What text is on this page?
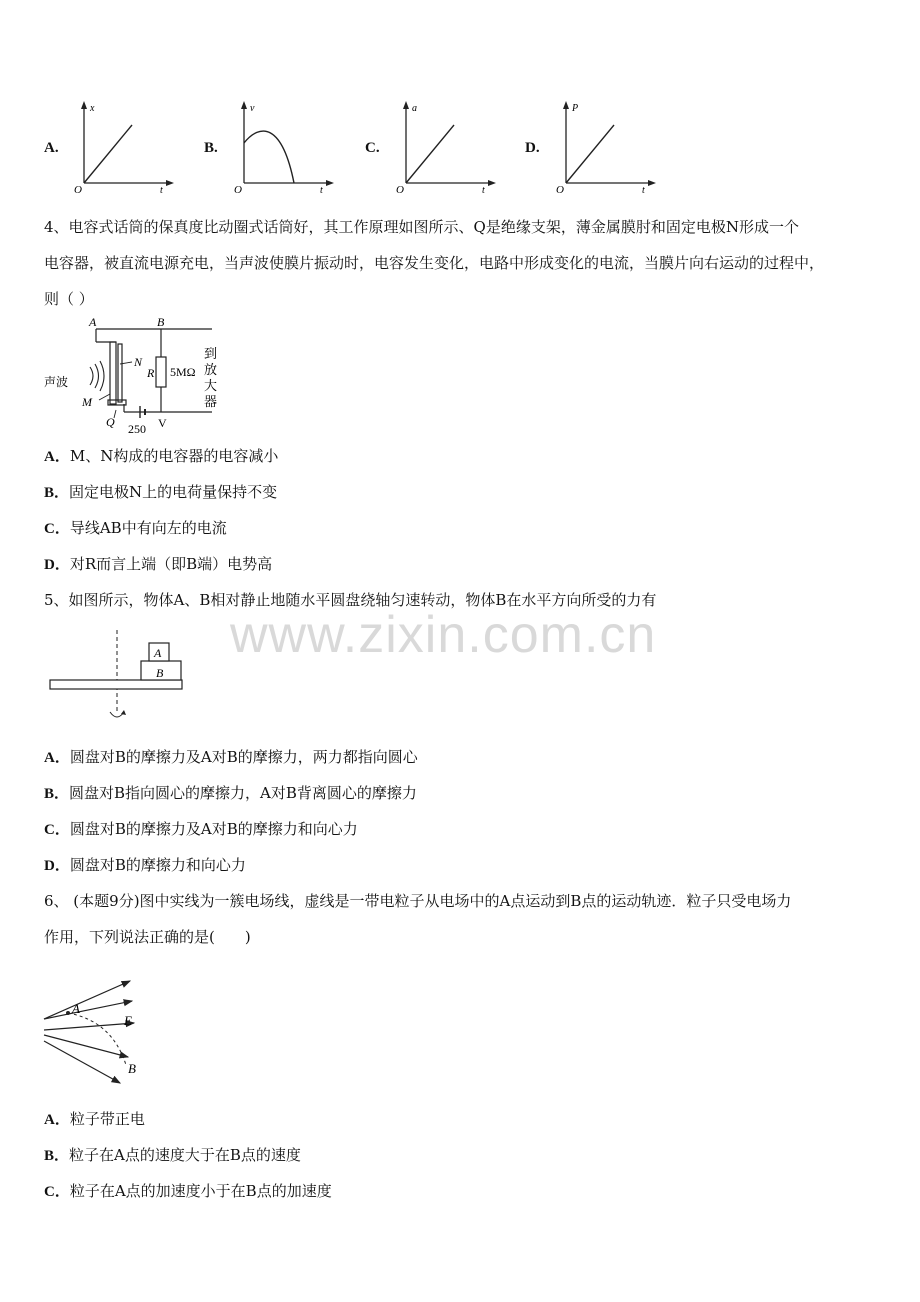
www.zixin.com.cn
A.
x
t
O
B.
v
t
O
C.
a
t
O
D.
P
t
O
4、电容式话筒的保真度比动圈式话筒好，其工作原理如图所示、Q是绝缘支架，薄金属膜肘和固定电极N形成一个
电容器，被直流电源充电，当声波使膜片振动时，电容发生变化，电路中形成变化的电流，当膜片向右运动的过程中，
则（ ）
A	B
N
R 5MΩ
M
Q 250 V
声波
到
放
大
器
A．M、N构成的电容器的电容减小
B．固定电极N上的电荷量保持不变
C．导线AB中有向左的电流
D．对R而言上端（即B端）电势高
5、如图所示，物体A、B相对静止地随水平圆盘绕轴匀速转动，物体B在水平方向所受的力有
A
B
A．圆盘对B的摩擦力及A对B的摩擦力，两力都指向圆心
B．圆盘对B指向圆心的摩擦力，A对B背离圆心的摩擦力
C．圆盘对B的摩擦力及A对B的摩擦力和向心力
D．圆盘对B的摩擦力和向心力
6、 (本题9分)图中实线为一簇电场线，虚线是一带电粒子从电场中的A点运动到B点的运动轨迹．粒子只受电场力
作用，下列说法正确的是(　　)
A
B
E
A．粒子带正电
B．粒子在A点的速度大于在B点的速度
C．粒子在A点的加速度小于在B点的加速度
